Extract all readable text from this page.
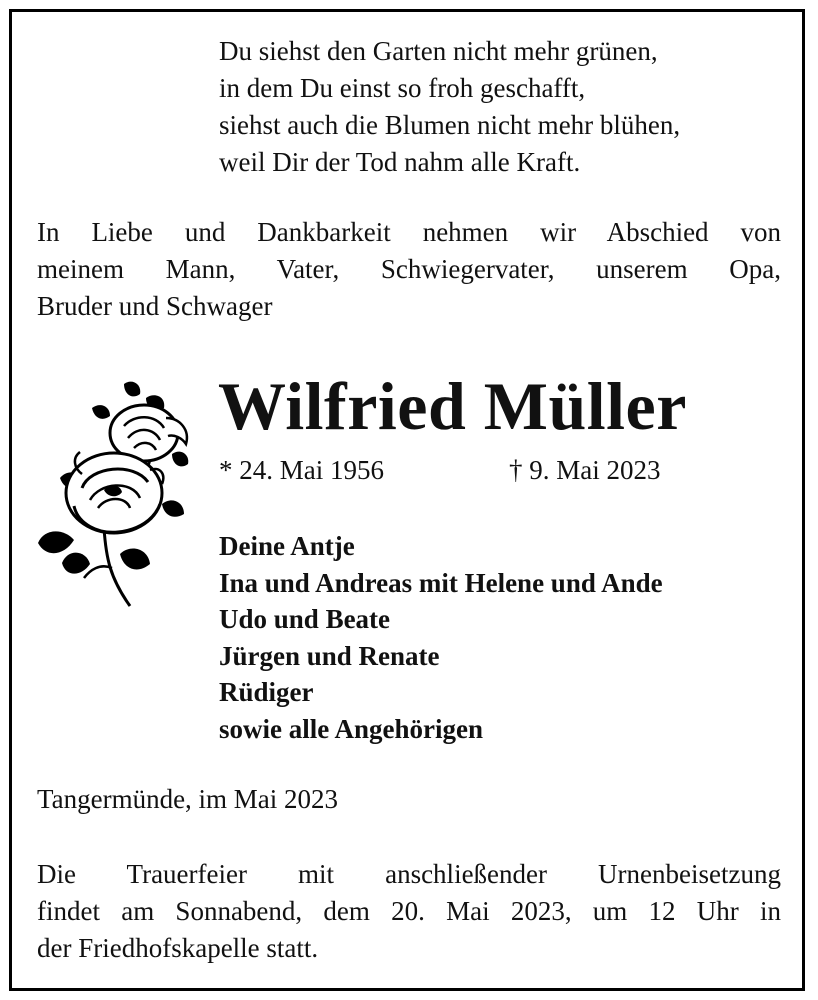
Du siehst den Garten nicht mehr grünen,
in dem Du einst so froh geschafft,
siehst auch die Blumen nicht mehr blühen,
weil Dir der Tod nahm alle Kraft.
In Liebe und Dankbarkeit nehmen wir Abschied von
meinem Mann, Vater, Schwiegervater, unserem Opa,
Bruder und Schwager
Wilfried Müller
* 24. Mai 1956	† 9. Mai 2023
Deine Antje
Ina und Andreas mit Helene und Ande
Udo und Beate
Jürgen und Renate
Rüdiger
sowie alle Angehörigen
Tangermünde, im Mai 2023
Die Trauerfeier mit anschließender Urnenbeisetzung
findet am Sonnabend, dem 20. Mai 2023, um 12 Uhr in
der Friedhofskapelle statt.
